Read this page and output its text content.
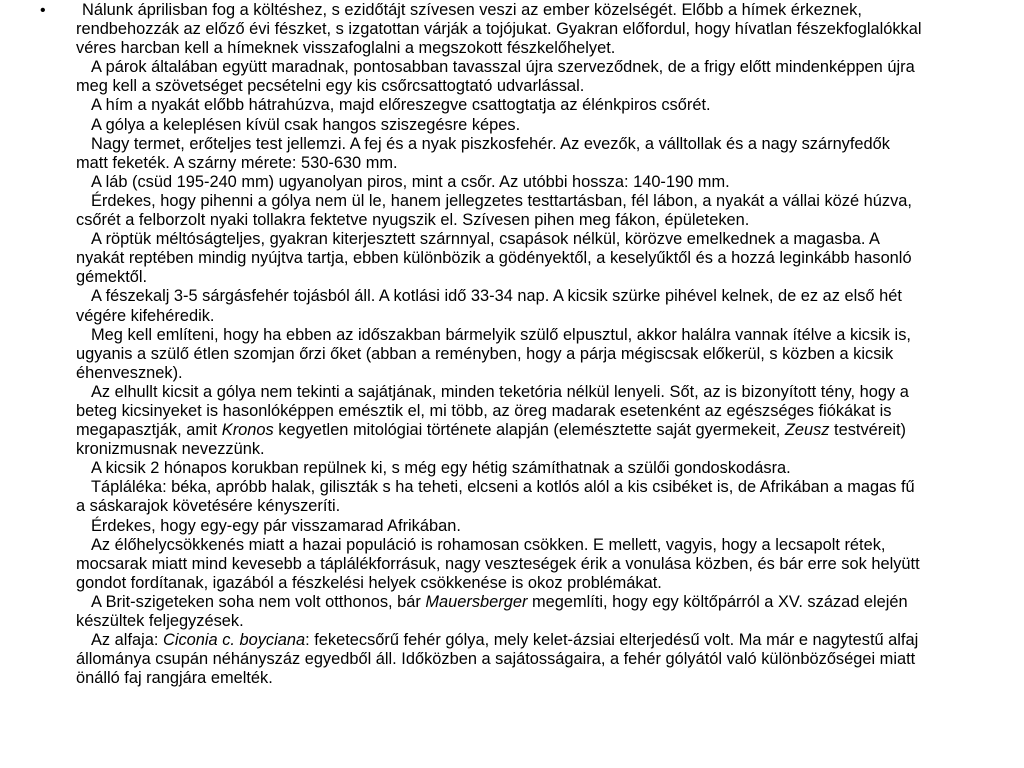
•	Nálunk áprilisban fog a költéshez, s ezidőtájt szívesen veszi az ember közelségét. Előbb a hímek érkeznek, rendbehozzák az előző évi fészket, s izgatottan várják a tojójukat. Gyakran előfordul, hogy hívatlan fészekfoglalókkal véres harcban kell a hímeknek visszafoglalni a megszokott fészkelőhelyet.

A párok általában együtt maradnak, pontosabban tavasszal újra szerveződnek, de a frigy előtt mindenképpen újra meg kell a szövetséget pecsételni egy kis csőrcsattogtató udvarlással.

A hím a nyakát előbb hátrahúzva, majd előreszegve csattogtatja az élénkpiros csőrét.

A gólya a keleplésen kívül csak hangos sziszegésre képes.

Nagy termet, erőteljes test jellemzi. A fej és a nyak piszkosfehér. Az evezők, a válltollak és a nagy szárnyfedők matt feketék. A szárny mérete: 530-630 mm.

A láb (csüd 195-240 mm) ugyanolyan piros, mint a csőr. Az utóbbi hossza: 140-190 mm.

Érdekes, hogy pihenni a gólya nem ül le, hanem jellegzetes testtartásban, fél lábon, a nyakát a vállai közé húzva, csőrét a felborzolt nyaki tollakra fektetve nyugszik el. Szívesen pihen meg fákon, épületeken.

A röptük méltóságteljes, gyakran kiterjesztett szárnnyal, csapások nélkül, körözve emelkednek a magasba. A nyakát reptében mindig nyújtva tartja, ebben különbözik a gödényektől, a keselyűktől és a hozzá leginkább hasonló gémektől.

A fészekalj 3-5 sárgásfehér tojásból áll. A kotlási idő 33-34 nap. A kicsik szürke pihével kelnek, de ez az első hét végére kifehéredik.

Meg kell említeni, hogy ha ebben az időszakban bármelyik szülő elpusztul, akkor halálra vannak ítélve a kicsik is, ugyanis a szülő étlen szomjan őrzi őket (abban a reményben, hogy a párja mégiscsak előkerül, s közben a kicsik éhenvesznek).

Az elhullt kicsit a gólya nem tekinti a sajátjának, minden teketória nélkül lenyeli. Sőt, az is bizonyított tény, hogy a beteg kicsinyeket is hasonlóképpen emésztik el, mi több, az öreg madarak esetenként az egészséges fiókákat is megapasztják, amit Kronos kegyetlen mitológiai története alapján (elemésztette saját gyermekeit, Zeusz testvéreit) kronizmusnak nevezzünk.

A kicsik 2 hónapos korukban repülnek ki, s még egy hétig számíthatnak a szülői gondoskodásra.

Tápláléka: béka, apróbb halak, giliszták s ha teheti, elcseni a kotlós alól a kis csibéket is, de Afrikában a magas fű a sáskarajok követésére kényszeríti.

Érdekes, hogy egy-egy pár visszamarad Afrikában.

Az élőhelycsökkenés miatt a hazai populáció is rohamosan csökken. E mellett, vagyis, hogy a lecsapolt rétek, mocsarak miatt mind kevesebb a táplálékforrásuk, nagy veszteségek érik a vonulása közben, és bár erre sok helyütt gondot fordítanak, igazából a fészkelési helyek csökkenése is okoz problémákat.

A Brit-szigeteken soha nem volt otthonos, bár Mauersberger megemlíti, hogy egy költőpárról a XV. század elején készültek feljegyzések.

Az alfaja: Ciconia c. boyciana: feketecsőrű fehér gólya, mely kelet-ázsiai elterjedésű volt. Ma már e nagytestű alfaj állománya csupán néhányszáz egyedből áll. Időközben a sajátosságaira, a fehér gólyától való különbözőségei miatt önálló faj rangjára emelték.
